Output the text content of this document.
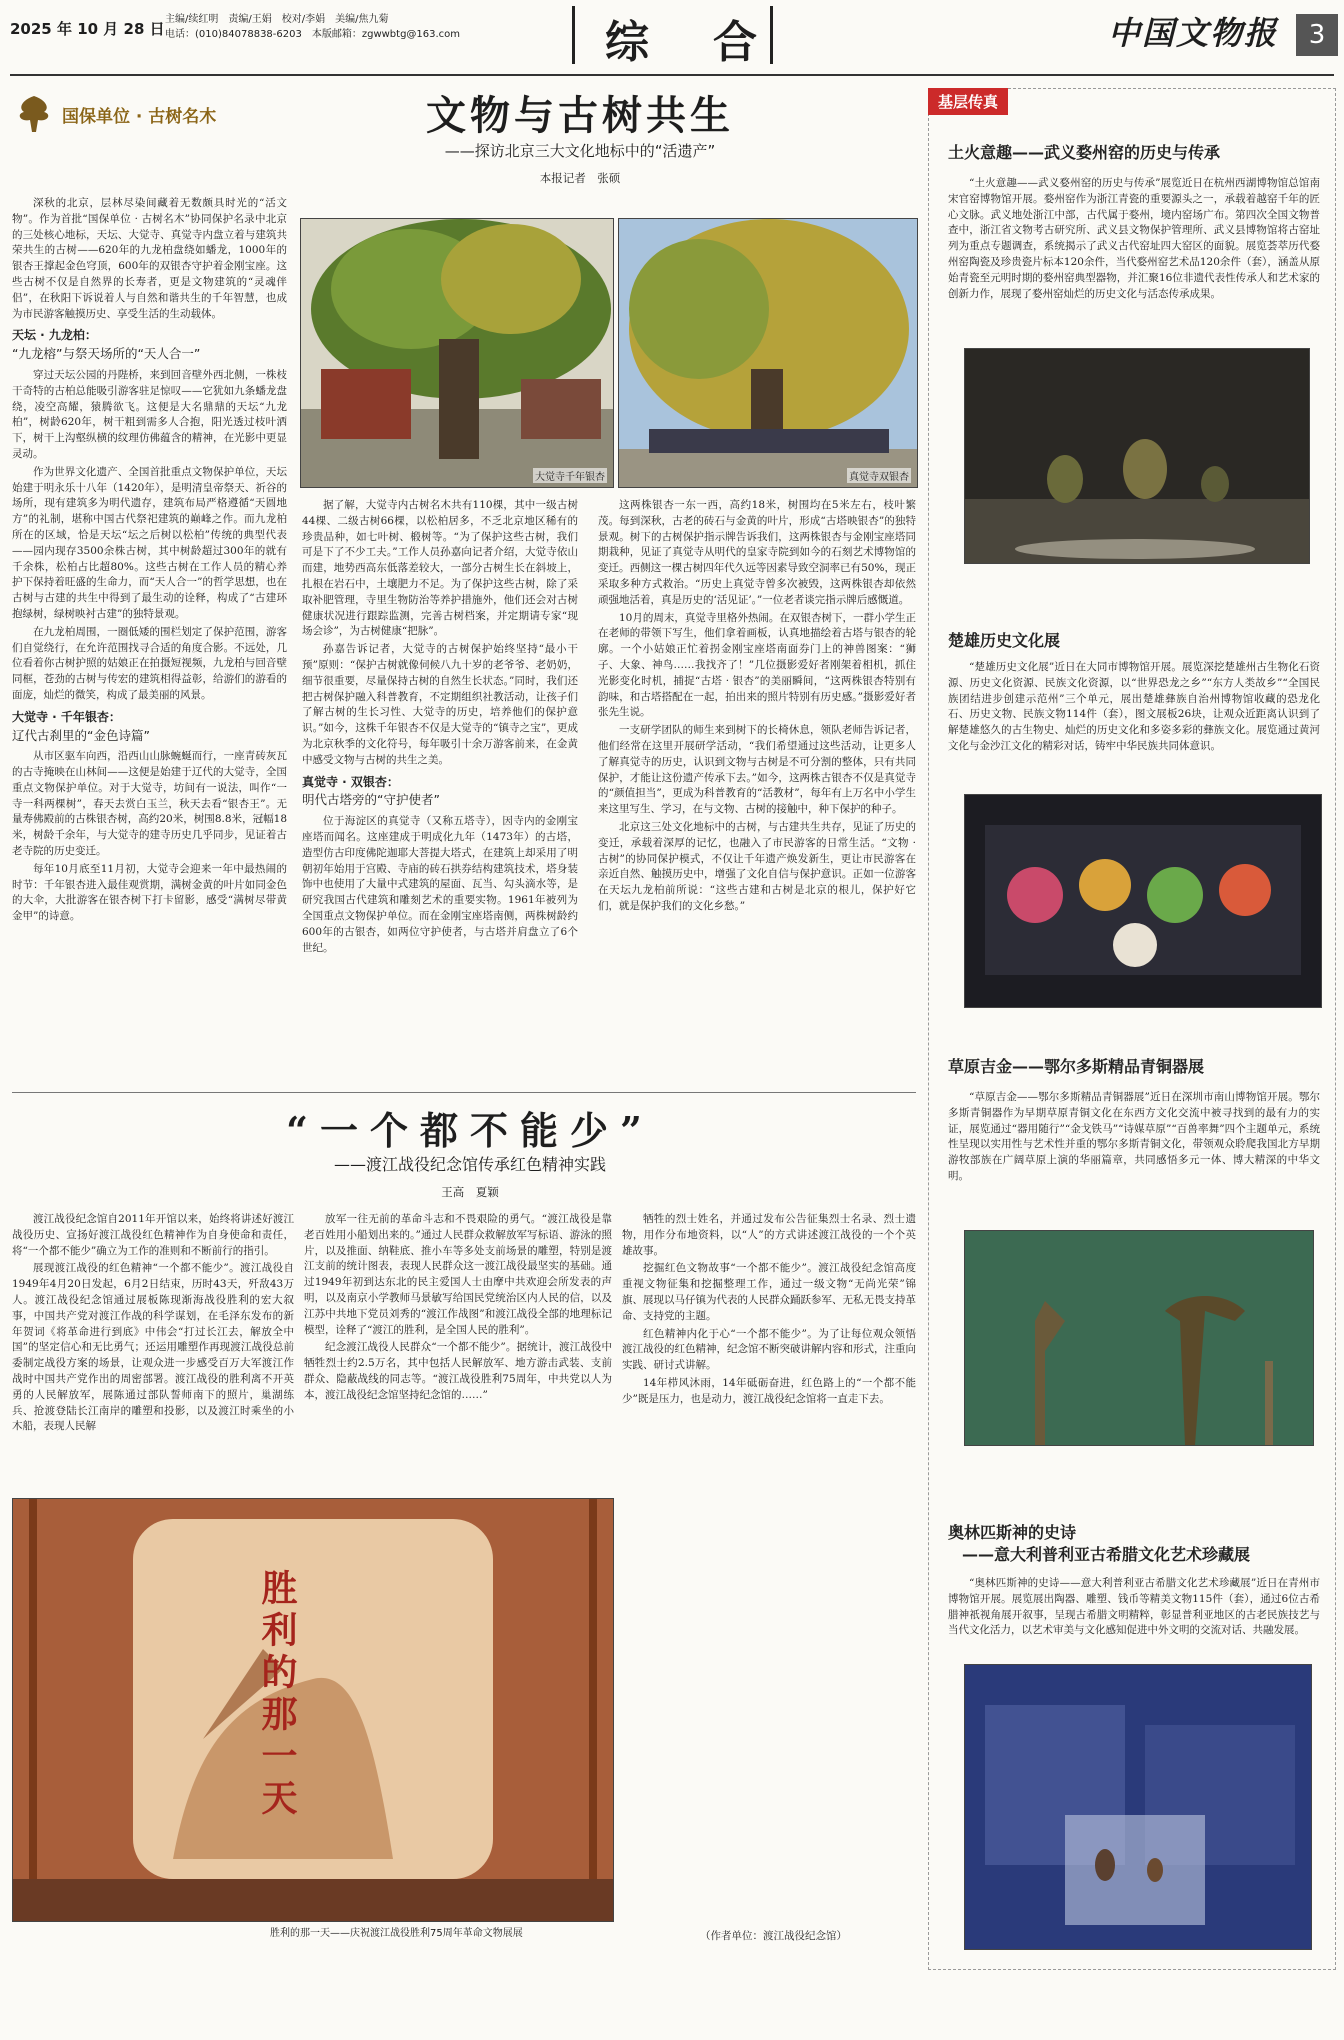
2025 年 10 月 28 日
主编/续红明　责编/王娟　校对/李娟　美编/焦九菊
电话：(010)84078838-6203　本版邮箱：zgwwbtg@163.com	综　合	中国文物报	3
国保单位 · 古树名木	文物与古树共生
——探访北京三大文化地标中的“活遗产”
本报记者　张硕

深秋的北京，层林尽染间藏着无数颇具时光的“活文物”。作为首批“国保单位 · 古树名木”协同保护名录中北京的三处核心地标，天坛、大觉寺、真觉寺内盘立着与建筑共荣共生的古树——620年的九龙柏盘绕如蟠龙，1000年的银杏王撑起金色穹顶，600年的双银杏守护着金刚宝座。这些古树不仅是自然界的长寿者，更是文物建筑的“灵魂伴侣”，在秋阳下诉说着人与自然和谐共生的千年智慧，也成为市民游客触摸历史、享受生活的生动载体。

天坛 · 九龙柏：
“九龙榕”与祭天场所的“天人合一”

穿过天坛公园的丹陛桥，来到回音壁外西北侧，一株枝干奇特的古柏总能吸引游客驻足惊叹——它犹如九条蟠龙盘绕，凌空高耀，猿腾欲飞。这便是大名鼎鼎的天坛“九龙柏”，树龄620年，树干粗到需多人合抱，阳光透过枝叶洒下，树干上沟壑纵横的纹理仿佛蕴含的精神，在光影中更显灵动。

作为世界文化遗产、全国首批重点文物保护单位，天坛始建于明永乐十八年（1420年），是明清皇帝祭天、祈谷的场所，现有建筑多为明代遗存，建筑布局严格遵循“天圆地方”的礼制，堪称中国古代祭祀建筑的巅峰之作。而九龙柏所在的区域，恰是天坛“坛之后树以松柏”传统的典型代表——园内现存3500余株古树，其中树龄超过300年的就有千余株，松柏占比超80%。这些古树在工作人员的精心养护下保持着旺盛的生命力，而“天人合一”的哲学思想，也在古树与古建的共生中得到了最生动的诠释，构成了“古建环抱绿树，绿树映衬古建”的独特景观。

在九龙柏周围，一圈低矮的围栏划定了保护范围，游客们自觉绕行，在允许范围找寻合适的角度合影。不远处，几位看着你古树护照的姑娘正在拍摄短视频，九龙柏与回音壁同框，苍劲的古树与传宏的建筑相得益彰，给游们的游看的面庞，灿烂的微笑，构成了最美丽的风景。

大觉寺 · 千年银杏：
辽代古刹里的“金色诗篇”

从市区驱车向西，沿西山山脉蜿蜒而行，一座青砖灰瓦的古寺掩映在山林间——这便是始建于辽代的大觉寺，全国重点文物保护单位。对于大觉寺，坊间有一说法，叫作“一寺一科两棵树”，春天去赏白玉兰，秋天去看“银杏王”。无量寿佛殿前的古株银杏树，高约20米，树围8.8米，冠幅18米，树龄千余年，与大觉寺的建寺历史几乎同步，见证着古老寺院的历史变迁。

每年10月底至11月初，大觉寺会迎来一年中最热闹的时节：千年银杏进入最佳观赏期，满树金黄的叶片如同金色的大伞，大批游客在银杏树下打卡留影，感受“满树尽带黄金甲”的诗意。

大觉寺千年银杏	真觉寺双银杏

据了解，大觉寺内古树名木共有110棵，其中一级古树44棵、二级古树66棵，以松柏居多，不乏北京地区稀有的珍贵品种，如七叶树、椴树等。“为了保护这些古树，我们可是下了不少工夫。”工作人员孙嘉向记者介绍，大觉寺依山而建，地势西高东低落差较大，一部分古树生长在斜坡上，扎根在岩石中，土壤肥力不足。为了保护这些古树，除了采取补肥管理，寺里生物防治等养护措施外，他们还会对古树健康状况进行跟踪监测，完善古树档案，并定期请专家“现场会诊”，为古树健康“把脉”。

孙嘉告诉记者，大觉寺的古树保护始终坚持“最小干预”原则：“保护古树就像伺候八九十岁的老爷爷、老奶奶，细节很重要，尽量保持古树的自然生长状态。”同时，我们还把古树保护融入科普教育，不定期组织社教活动，让孩子们了解古树的生长习性、大觉寺的历史，培养他们的保护意识。”如今，这株千年银杏不仅是大觉寺的“镇寺之宝”，更成为北京秋季的文化符号，每年吸引十余万游客前来，在金黄中感受文物与古树的共生之美。

真觉寺 · 双银杏：
明代古塔旁的“守护使者”

位于海淀区的真觉寺（又称五塔寺），因寺内的金刚宝座塔而闻名。这座建成于明成化九年（1473年）的古塔，造型仿古印度佛陀迦耶大菩提大塔式，在建筑上却采用了明朝初年始用于宫殿、寺庙的砖石拱券结构建筑技术，塔身装饰中也使用了大量中式建筑的屋面、瓦当、勾头滴水等，是研究我国古代建筑和雕刻艺术的重要实物。1961年被列为全国重点文物保护单位。而在金刚宝座塔南侧，两株树龄约600年的古银杏，如两位守护使者，与古塔并肩盘立了6个世纪。

这两株银杏一东一西，高约18米，树围均在5米左右，枝叶繁茂。每到深秋，古老的砖石与金黄的叶片，形成“古塔映银杏”的独特景观。树下的古树保护指示牌告诉我们，这两株银杏与金刚宝座塔同期栽种，见证了真觉寺从明代的皇家寺院到如今的石刻艺术博物馆的变迁。西侧这一棵古树四年代久远等因素导致空洞率已有50%，现正采取多种方式救治。“历史上真觉寺曾多次被毁，这两株银杏却依然顽强地活着，真是历史的‘活见证’。”一位老者谈完指示牌后感慨道。

10月的周末，真觉寺里格外热闹。在双银杏树下，一群小学生正在老师的带领下写生，他们拿着画板，认真地描绘着古塔与银杏的轮廓。一个小姑娘正忙着拐金刚宝座塔南面券门上的神兽图案：“狮子、大象、神鸟……我找齐了！”几位摄影爱好者刚架着相机，抓住光影变化时机，捕捉“古塔 · 银杏”的美丽瞬间，“这两株银杏特别有韵味，和古塔搭配在一起，拍出来的照片特别有历史感。”摄影爱好者张先生说。

一支研学团队的师生来到树下的长椅休息，领队老师告诉记者，他们经常在这里开展研学活动，“我们希望通过这些活动，让更多人了解真觉寺的历史，认识到文物与古树是不可分割的整体，只有共同保护，才能让这份遗产传承下去。”如今，这两株古银杏不仅是真觉寺的“颜值担当”，更成为科普教育的“活教材”，每年有上万名中小学生来这里写生、学习，在与文物、古树的接触中，种下保护的种子。

北京这三处文化地标中的古树，与古建共生共存，见证了历史的变迁，承载着深厚的记忆，也融入了市民游客的日常生活。“文物 · 古树”的协同保护模式，不仅让千年遗产焕发新生，更让市民游客在亲近自然、触摸历史中，增强了文化自信与保护意识。正如一位游客在天坛九龙柏前所说：“这些古建和古树是北京的根儿，保护好它们，就是保护我们的文化乡愁。”

“一个都不能少”
——渡江战役纪念馆传承红色精神实践
王高　夏颖

渡江战役纪念馆自2011年开馆以来，始终将讲述好渡江战役历史、宣扬好渡江战役红色精神作为自身使命和责任，将“一个都不能少”确立为工作的准则和不断前行的指引。

展现渡江战役的红色精神“一个都不能少”。渡江战役自1949年4月20日发起，6月2日结束，历时43天，歼敌43万人。渡江战役纪念馆通过展板陈现渐海战役胜利的宏大叙事，中国共产党对渡江作战的科学谋划，在毛泽东发布的新年贺词《将革命进行到底》中伟会“打过长江去，解放全中国”的坚定信心和无比勇气；还运用雕塑作再现渡江战役总前委制定战役方案的场景，让观众进一步感受百万大军渡江作战时中国共产党作出的周密部署。渡江战役的胜利离不开英勇的人民解放军，展陈通过部队誓师南下的照片，巢湖练兵、抢渡登陆长江南岸的雕塑和投影，以及渡江时乘坐的小木船，表现人民解

放军一往无前的革命斗志和不畏艰险的勇气。“渡江战役是靠老百姓用小船划出来的。”通过人民群众救解放军写标语、游泳的照片，以及推面、纳鞋底、推小车等多处支前场景的雕塑，特别是渡江支前的统计图表，表现人民群众这一渡江战役最坚实的基础。通过1949年初到达东北的民主爱国人士由摩中共欢迎会所发表的声明，以及南京小学教师马景敏写给国民党统治区内人民的信，以及江苏中共地下党员刘秀的“渡江作战图”和渡江战役全部的地理标记模型，诠释了“渡江的胜利，是全国人民的胜利”。

纪念渡江战役人民群众“一个都不能少”。据统计，渡江战役中牺牲烈士约2.5万名，其中包括人民解放军、地方游击武装、支前群众、隐蔽战线的同志等。“渡江战役胜利75周年，中共党以人为本，渡江战役纪念馆坚持纪念馆的……”

牺牲的烈士姓名，并通过发布公告征集烈士名录、烈士遗物，用作分布地资料，以“人”的方式讲述渡江战役的一个个英雄故事。

挖掘红色文物故事“一个都不能少”。渡江战役纪念馆高度重视文物征集和挖掘整理工作，通过一级文物“无尚光荣”锦旗、展现以马仔镇为代表的人民群众踊跃参军、无私无畏支持革命、支持党的主题。

红色精神内化于心“一个都不能少”。为了让每位观众领悟渡江战役的红色精神，纪念馆不断突破讲解内容和形式，注重向实践、研讨式讲解。

14年栉风沐雨，14年砥砺奋进，红色路上的“一个都不能少”既是压力，也是动力，渡江战役纪念馆将一直走下去。

（作者单位：渡江战役纪念馆）
胜利的那一天
胜利的那一天——庆祝渡江战役胜利75周年革命文物展展
基层传真
土火意趣——武义婺州窑的历史与传承

“土火意趣——武义婺州窑的历史与传承”展览近日在杭州西湖博物馆总馆南宋官窑博物馆开展。婺州窑作为浙江青瓷的重要源头之一，承载着越窑千年的匠心文脉。武义地处浙江中部，古代属于婺州，境内窑场广布。第四次全国文物普查中，浙江省文物考古研究所、武义县文物保护管理所、武义县博物馆将古窑址列为重点专题调查，系统揭示了武义古代窑址四大窑区的面貌。展览荟萃历代婺州窑陶瓷及珍贵瓷片标本120余件，当代婺州窑艺术品120余件（套），涵盖从原始青瓷至元明时期的婺州窑典型器物，并汇聚16位非遗代表性传承人和艺术家的创新力作，展现了婺州窑灿烂的历史文化与活态传承成果。

楚雄历史文化展

“楚雄历史文化展”近日在大同市博物馆开展。展览深挖楚雄州古生物化石资源、历史文化资源、民族文化资源，以“世界恐龙之乡”“东方人类故乡”“全国民族团结进步创建示范州”三个单元，展出楚雄彝族自治州博物馆收藏的恐龙化石、历史文物、民族文物114件（套），图文展板26块，让观众近距离认识到了解楚雄悠久的古生物史、灿烂的历史文化和多姿多彩的彝族文化。展览通过黄河文化与金沙江文化的精彩对话，铸牢中华民族共同体意识。

草原吉金——鄂尔多斯精品青铜器展

“草原吉金——鄂尔多斯精品青铜器展”近日在深圳市南山博物馆开展。鄂尔多斯青铜器作为早期草原青铜文化在东西方文化交流中被寻找到的最有力的实证，展览通过“器用随行”“金戈铁马”“诗媒草原”“百兽率舞”四个主题单元，系统性呈现以实用性与艺术性并重的鄂尔多斯青铜文化，带领观众聆爬我国北方早期游牧部族在广阔草原上演的华丽篇章，共同感悟多元一体、博大精深的中华文明。

奥林匹斯神的史诗
——意大利普利亚古希腊文化艺术珍藏展

“奥林匹斯神的史诗——意大利普利亚古希腊文化艺术珍藏展”近日在青州市博物馆开展。展览展出陶器、雕塑、钱币等精美文物115件（套），通过6位古希腊神祇视角展开叙事，呈现古希腊文明精粹，彰显普利亚地区的古老民族技艺与当代文化活力，以艺术审美与文化感知促进中外文明的交流对话、共融发展。
